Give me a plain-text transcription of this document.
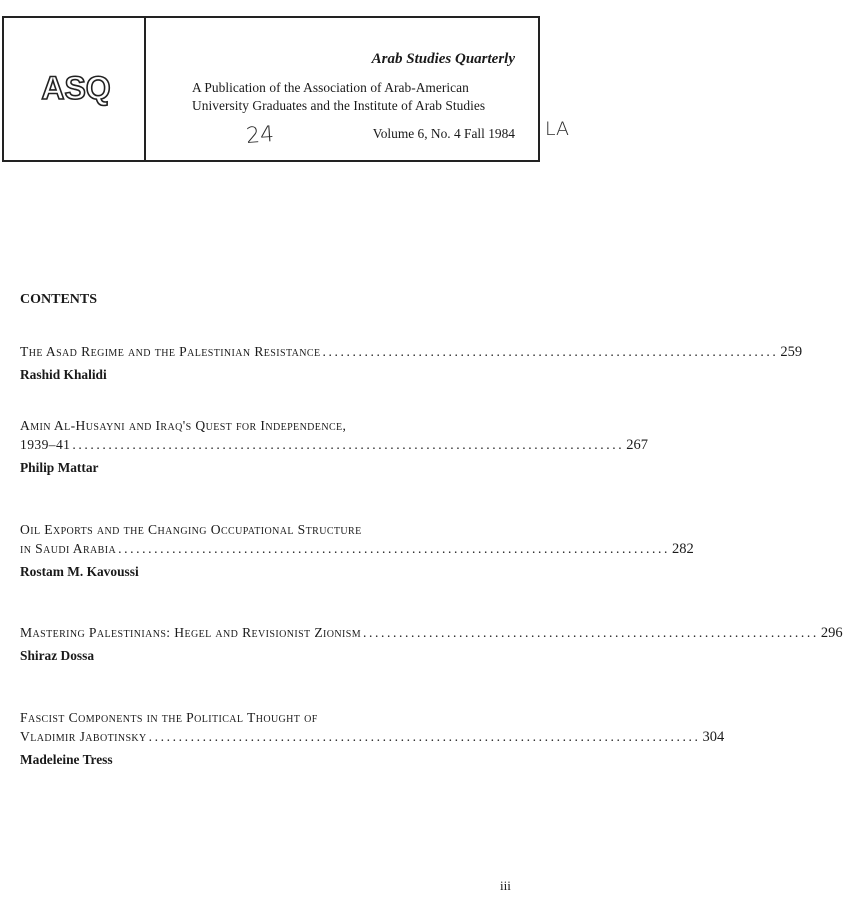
ASQ
Arab Studies Quarterly
A Publication of the Association of Arab-American
University Graduates and the Institute of Arab Studies
24	Volume 6, No. 4 Fall 1984 LA
CONTENTS
The Asad Regime and the Palestinian Resistance ............................................................................ 259
Rashid Khalidi
Amin Al-Husayni and Iraq's Quest for Independence,
1939–41 ............................................................................................ 267
Philip Mattar
Oil Exports and the Changing Occupational Structure
in Saudi Arabia ............................................................................................ 282
Rostam M. Kavoussi
Mastering Palestinians: Hegel and Revisionist Zionism ............................................................................ 296
Shiraz Dossa
Fascist Components in the Political Thought of
Vladimir Jabotinsky ............................................................................................ 304
Madeleine Tress
iii
